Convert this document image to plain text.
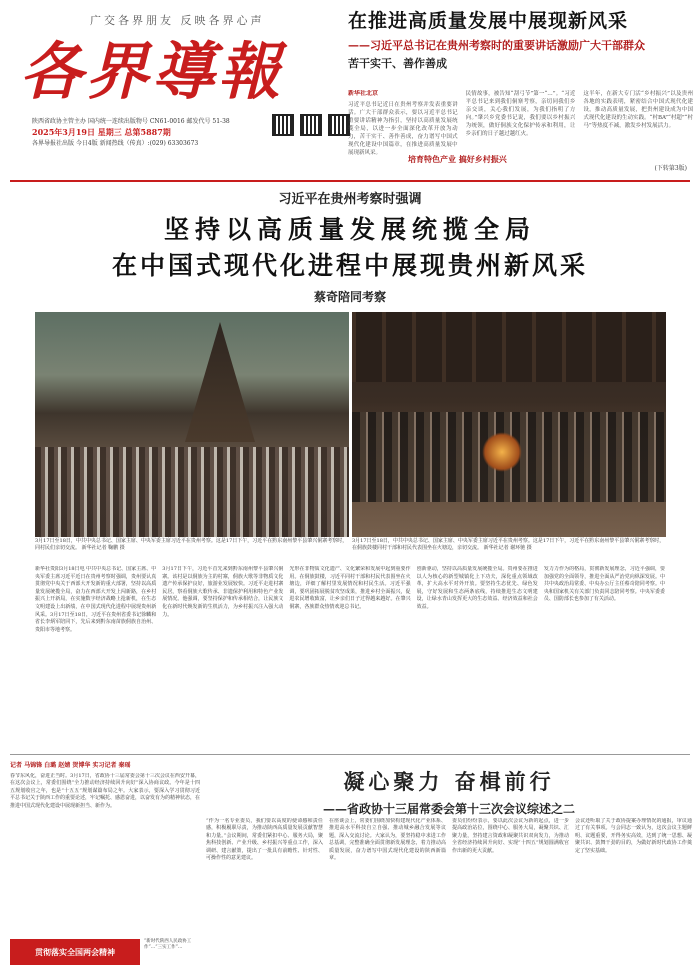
广交各界朋友 反映各界心声
各界導報
陕西省政协主管主办 国内统一连续出版物号 CN61-0016 邮发代号 51-38
2025年3月19日 星期三 总第5887期
各界导报社出版 今日4版 新闻热线（传真）:(029) 63303673
在推进高质量发展中展现新风采
——习近平总书记在贵州考察时的重要讲话激励广大干部群众
苦干实干、善作善成
新华社北京
习近平总书记近日在贵州考察并发表重要讲话。广大干部群众表示，要以习近平总书记重要讲话精神为指引，坚持以高质量发展统揽全局，以进一步全面深化改革开放为动力，苦干实干、善作善成，奋力谱写中国式现代化建设中国篇章，在推进高质量发展中展现新风采。
民情故事，被告知“刮弓节”第一“…”。“习近平总书记来到我们侗寨考察，亲切同我们乡亲交谈，关心我们发展，为我们指明了方向。”肇兴乡党委书记说，我们要以乡村振兴为统领，做好侗族文化保护传承和利用，让乡亲们的日子越过越红火。
这半年，在新大专门活“乡村振兴”以及贵州各地的实践表明，紧密结合中国式现代化建设，推动高质量发展，把贵州建设成为中国式现代化建设的生动实践。“村BA”“村超”“村马”等热度不减，激发乡村发展活力。
培育特色产业 搞好乡村振兴
(下转第3版)
习近平在贵州考察时强调
坚持以高质量发展统揽全局
在中国式现代化进程中展现贵州新风采
蔡奇陪同考察
3月17日至18日，中共中央总书记、国家主席、中央军委主席习近平在贵州考察。这是17日下午，习近平在黔东南州黎平县肇兴侗寨考察时，同村民们亲切交流。 新华社记者 鞠鹏 摄
3月17日至18日，中共中央总书记、国家主席、中央军委主席习近平在贵州考察。这是17日下午，习近平在黔东南州黎平县肇兴侗寨考察时，在侗族鼓楼同村干部和村民代表围坐在火塘边，亲切交流。 新华社记者 谢环驰 摄
新华社贵阳3月18日电 中共中央总书记、国家主席、中央军委主席习近平近日在贵州考察时强调，贵州要认真贯彻党中央关于西部大开发新的重大部署，坚持以高质量发展统揽全局，奋力在西部大开发上闯新路，在乡村振兴上开新局，在实施数字经济战略上抢新机，在生态文明建设上出新绩，在中国式现代化进程中展现贵州新风采。3月17日至18日，习近平在贵州省委书记徐麟和省长李炳军陪同下，先后来到黔东南苗族侗族自治州、贵阳市等地考察。
3月17日下午，习近平首先来到黔东南州黎平县肇兴侗寨。该村是以侗族为主的村寨，侗族大歌等非物质文化遗产传承保护良好，旅游业发展较快。习近平走进村寨民居，察看侗族大歌传承、非遗保护利用和特色产业发展情况。他强调，要坚持保护和传承相结合，让民族文化在新时代焕发新的生机活力，为乡村振兴注入强大动力。
光形在非物质文化遗产、文化繁荣和发展中起到重要作用。在侗族鼓楼，习近平同村干部和村民代表围坐在火塘边，详细了解村里发展情况和村民生活。习近平强调，要巩固拓展脱贫攻坚成果，推进乡村全面振兴，促进农民增收致富，让乡亲们日子过得越来越好。在肇兴侗寨，各族群众热情欢迎总书记。
创新驱动，坚持以高质量发展统揽全局。贵州要在推进以人为核心的新型城镇化上下功夫，深化重点领域改革，扩大高水平对外开放。要坚持生态优先、绿色发展，守好发展和生态两条底线，持续推进生态文明建设，让绿水青山发挥更大的生态效益、经济效益和社会效益。
发力力作为的格局，贯彻新发展理念，习近平强调，要加强党的全面领导，推进全面从严治党向纵深发展。中共中央政治局常委、中央办公厅主任蔡奇陪同考察。中央和国家机关有关部门负责同志陪同考察。中央军委委员、国防部长也参加了有关活动。
记者 马锦锋 白璐 赵婧 贺博华 实习记者 秦瑶
春节东风化，奋进正当时。3月17日，省政协十三届常委会第十三次会议在西安开幕，在这次会议上，常委们围绕“全力推动经济持续回升向好”深入协商议政。今年是十四五规划收官之年，也是“十五五”规划谋篇布局之年。大家表示，要深入学习贯彻习近平总书记关于陕西工作的重要论述，牢记嘱托、感恩奋进，以奋发有为的精神状态，在推进中国式现代化建设中展现新担当、新作为。
贯彻落实全国两会精神
“新时代陕西人民政协工作”…“三实工作”…
凝心聚力 奋楫前行
——省政协十三届常委会第十三次会议综述之二
“作为一名专业委员，我们要以高度的使命感和责任感，积极履职尽责，为推动陕西高质量发展贡献智慧和力量。”会议期间，常委们紧扣中心、服务大局，聚焦科技创新、产业升级、乡村振兴等重点工作，深入调研、建言献策，提出了一批具有前瞻性、针对性、可操作性的意见建议。
在座谈会上，常委们围绕加快构建现代化产业体系、推进高水平科技自立自强、推动城乡融合发展等议题，深入交流讨论。大家认为，要坚持稳中求进工作总基调，完整准确全面贯彻新发展理念，着力推动高质量发展，奋力谱写中国式现代化建设的陕西新篇章。
委员们纷纷表示，要以此次会议为新的起点，进一步提高政治站位，围绕中心、服务大局，凝聚共识、汇聚力量，坚持建言资政和凝聚共识双向发力，为推动全省经济持续回升向好、实现“十四五”规划圆满收官作出新的更大贡献。
会议还听取了关于政协提案办理情况的通报，审议通过了有关事项。与会同志一致认为，这次会议主题鲜明、议题重要，开得务实高效，达到了统一思想、凝聚共识、鼓舞干劲的目的，为做好新时代政协工作奠定了坚实基础。
